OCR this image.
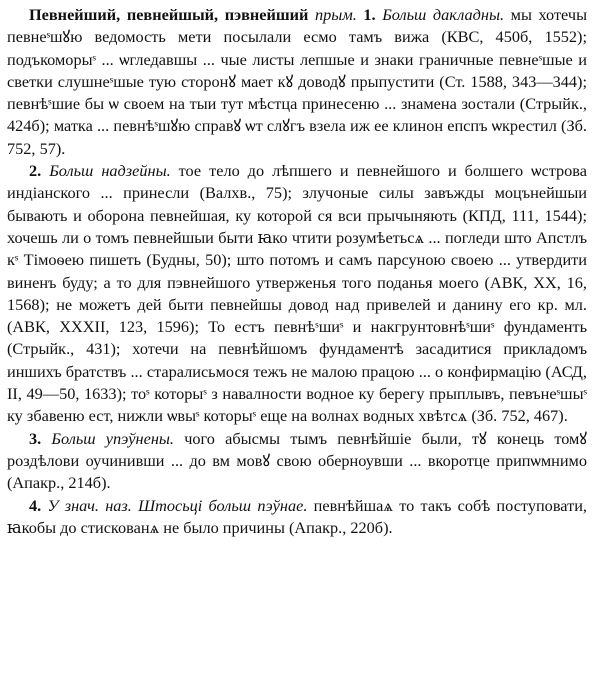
Певнейший, певнейшый, пэвнейший прым. 1. Больш дакладны. мы хотечы певнеˢшꙋю ведомость мети посылали есмо тамъ вижа (КВС, 450б, 1552); подъкоморыˢ ... ѡгледавшы ... чые листы лепшые и знаки граничные певнеˢшые и светки слушнеˢшые тую сторонꙋ мает кꙋ доводꙋ прыпустити (Ст. 1588, 343—344); певнѣˢшие бы ѡ своем на тыи тут мѣстца принесеню ... знамена зостали (Стрыйк., 424б); матка ... певнѣˢшꙋю справꙋ ѡт слꙋгъ взела иж ее клинон епспъ ѡкрестил (Зб. 752, 57).

2. Больш надзейны. тое тело до лѣпшего и певнейшого и болшего ѡстрова индіанского ... принесли (Валхв., 75); злучоные силы завъжды моцънейшыи бывають и оборона певнейшая, ку которой ся вси прычыняють (КПД, 111, 1544); хочешь ли о томъ певнейшыи быти ꙗко чтити розумѣетьсѧ ... погледи што Апстлъ кˢ Тімоѳею пишеть (Будны, 50); што потомъ и самъ парсуною своею ... утвердити виненъ буду; а то для пэвнейшого утверженья того поданья моего (АВК, XX, 16, 1568); не можетъ дей быти певнейшы довод над привелей и данину его кр. мл. (АВК, XXXII, 123, 1596); То естъ певнѣˢшиˢ и накгрунтовнѣˢшиˢ фундаменть (Стрыйк., 431); хотечи на певнѣйшомъ фундаментѣ засадитися прикладомъ иншихъ братствъ ... старалисьмося тежъ не малою працою ... о конфирмацію (АСД, II, 49—50, 1633); тоˢ которыˢ з навалности водное ку берегу прыплывъ, певънеˢшыˢ ку збавеню ест, нижли ѡвыˢ которыˢ еще на волнах водных хвѣтсѧ (Зб. 752, 467).

3. Больш упэўнены. чого абысмы тымъ певнѣйшіе были, тꙋ конець томꙋ роздѣлови оучинивши ... до вм мовꙋ свою оберноувши ... вкоротце припѡмнимо (Апакр., 214б).

4. У знач. наз. Штосьці больш пэўнае. певнѣйшаѧ то такъ собѣ поступовати, ꙗкобы до стискованѧ не было причины (Апакр., 220б).
